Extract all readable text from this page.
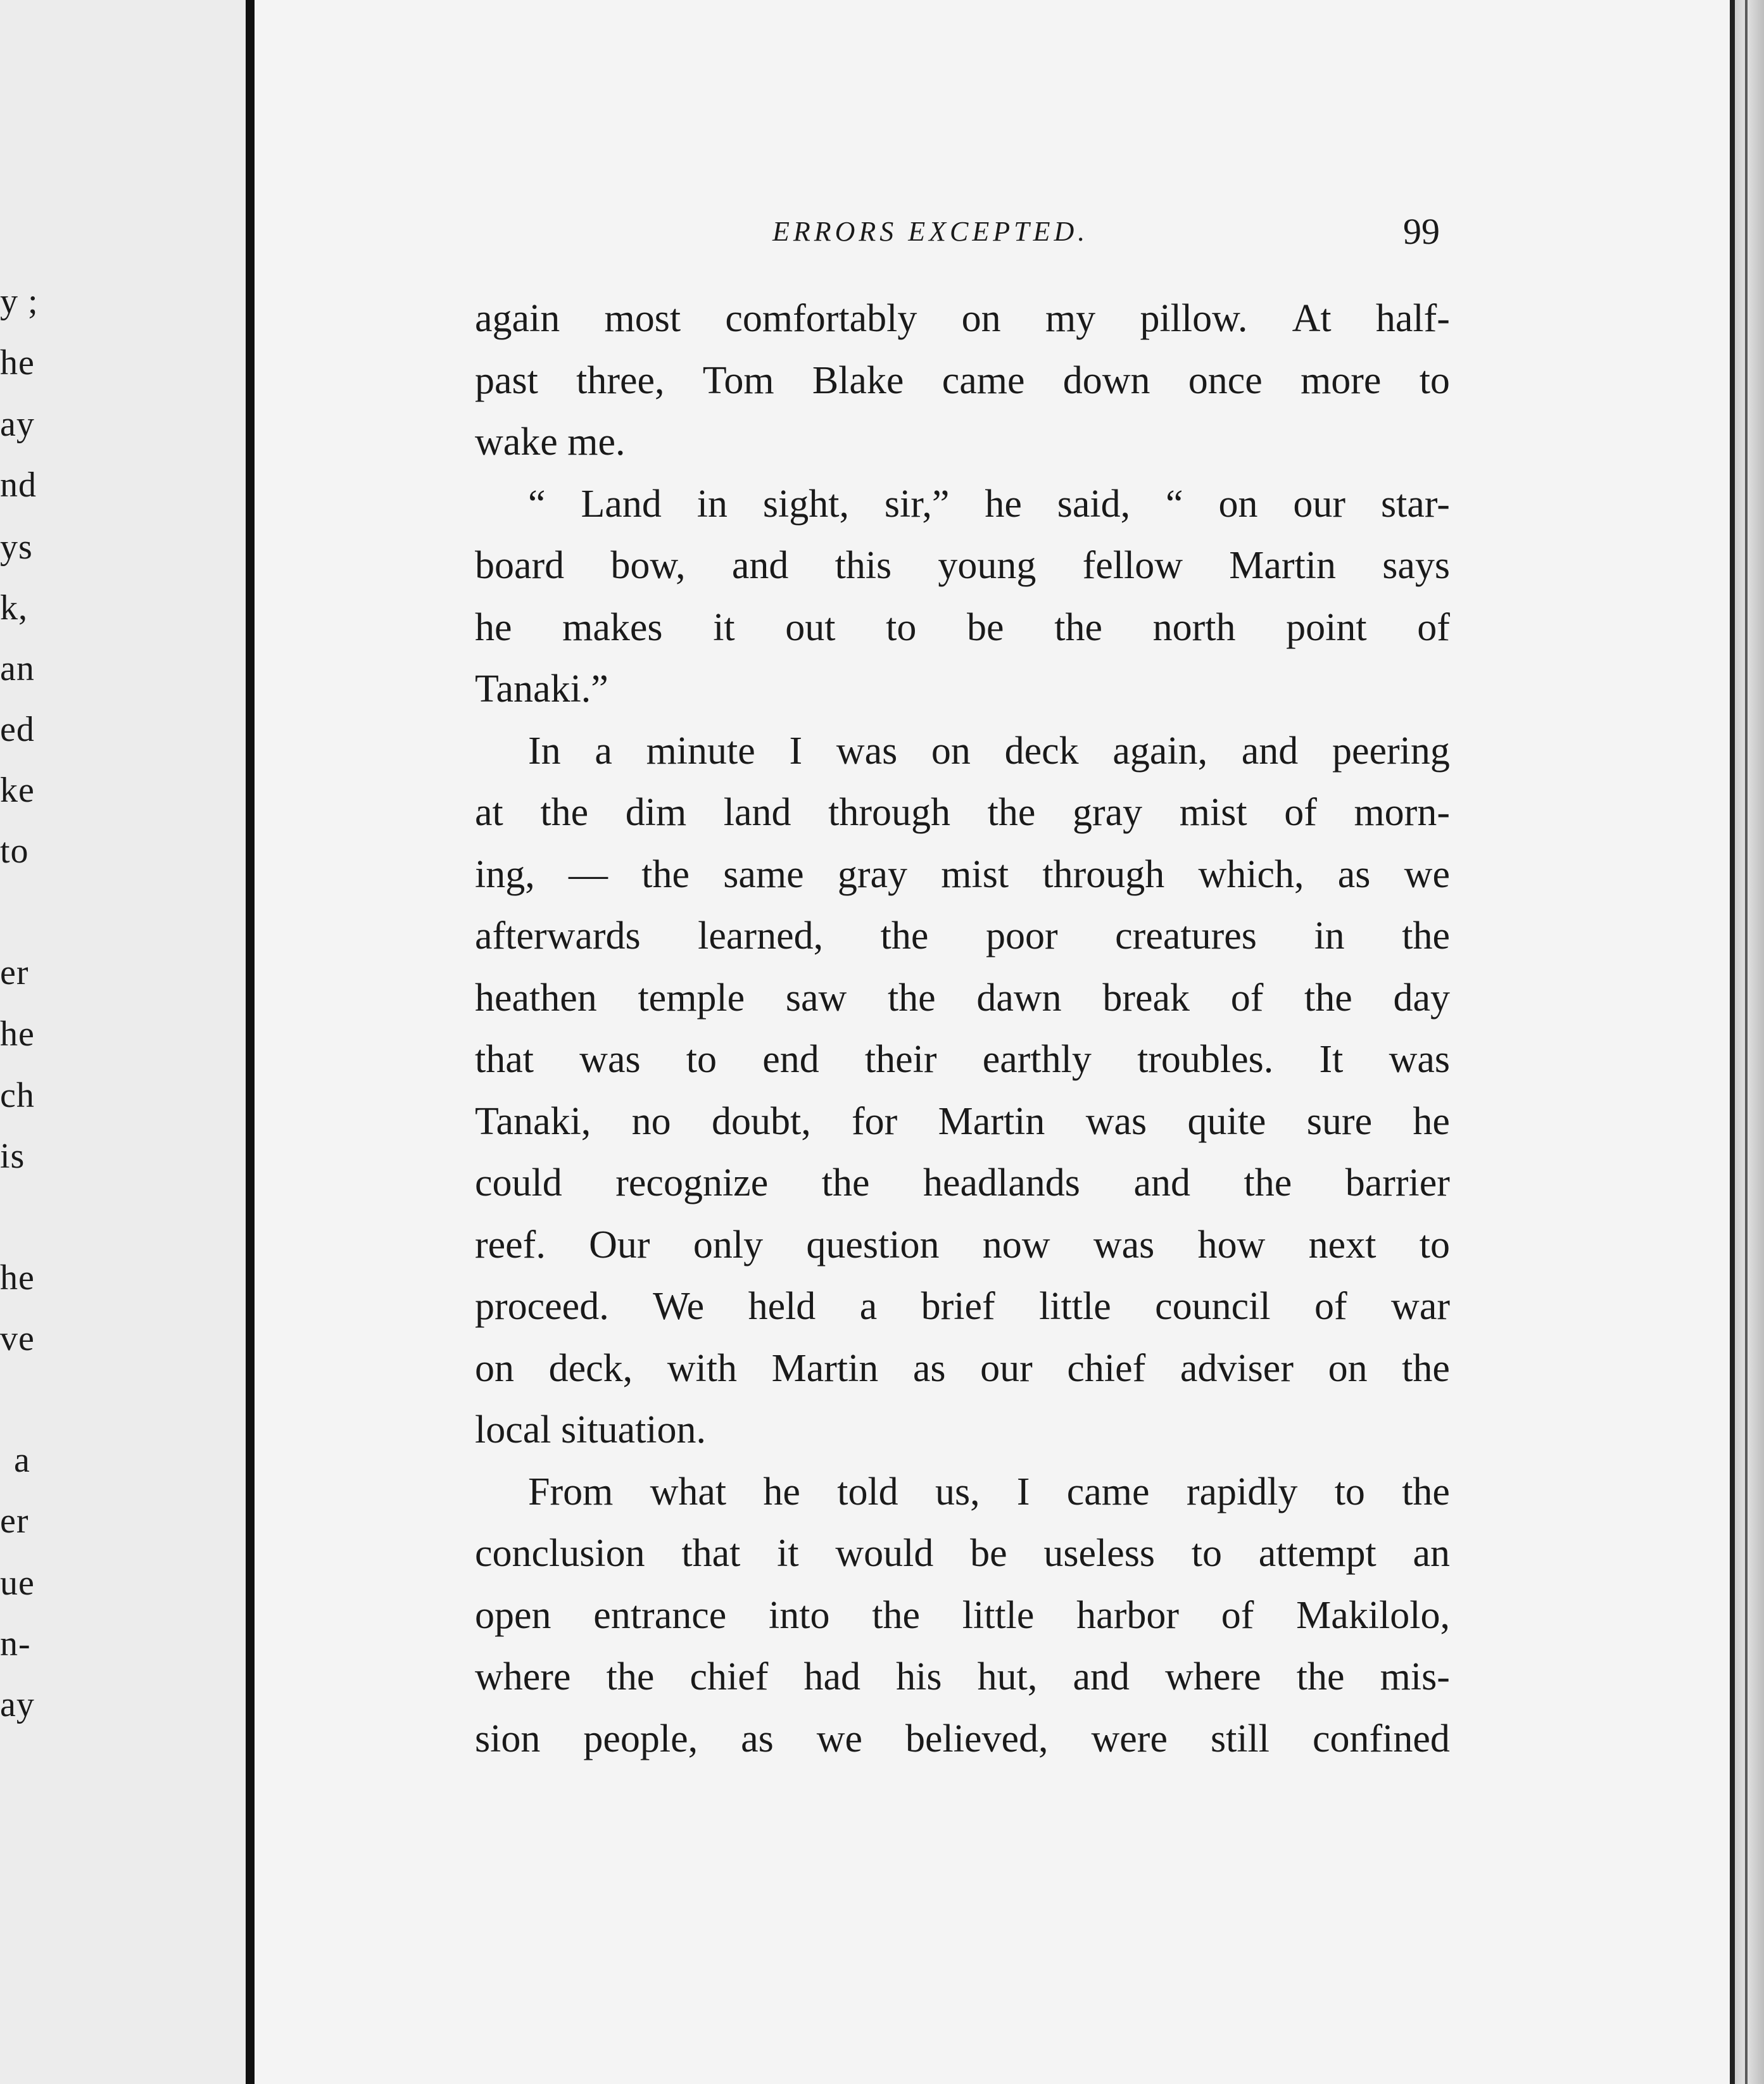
y ;
he
ay
nd
ys
k,
an
ed
ke
to
er
he
ch
is
he
ve
a
er
ue
n-
ay
ERRORS EXCEPTED.	99
again most comfortably on my pillow. At half-
past three, Tom Blake came down once more to
wake me.
“ Land in sight, sir,” he said, “ on our star-
board bow, and this young fellow Martin says
he makes it out to be the north point of
Tanaki.”
In a minute I was on deck again, and peering
at the dim land through the gray mist of morn-
ing, — the same gray mist through which, as we
afterwards learned, the poor creatures in the
heathen temple saw the dawn break of the day
that was to end their earthly troubles. It was
Tanaki, no doubt, for Martin was quite sure he
could recognize the headlands and the barrier
reef. Our only question now was how next to
proceed. We held a brief little council of war
on deck, with Martin as our chief adviser on the
local situation.
From what he told us, I came rapidly to the
conclusion that it would be useless to attempt an
open entrance into the little harbor of Makilolo,
where the chief had his hut, and where the mis-
sion people, as we believed, were still confined
